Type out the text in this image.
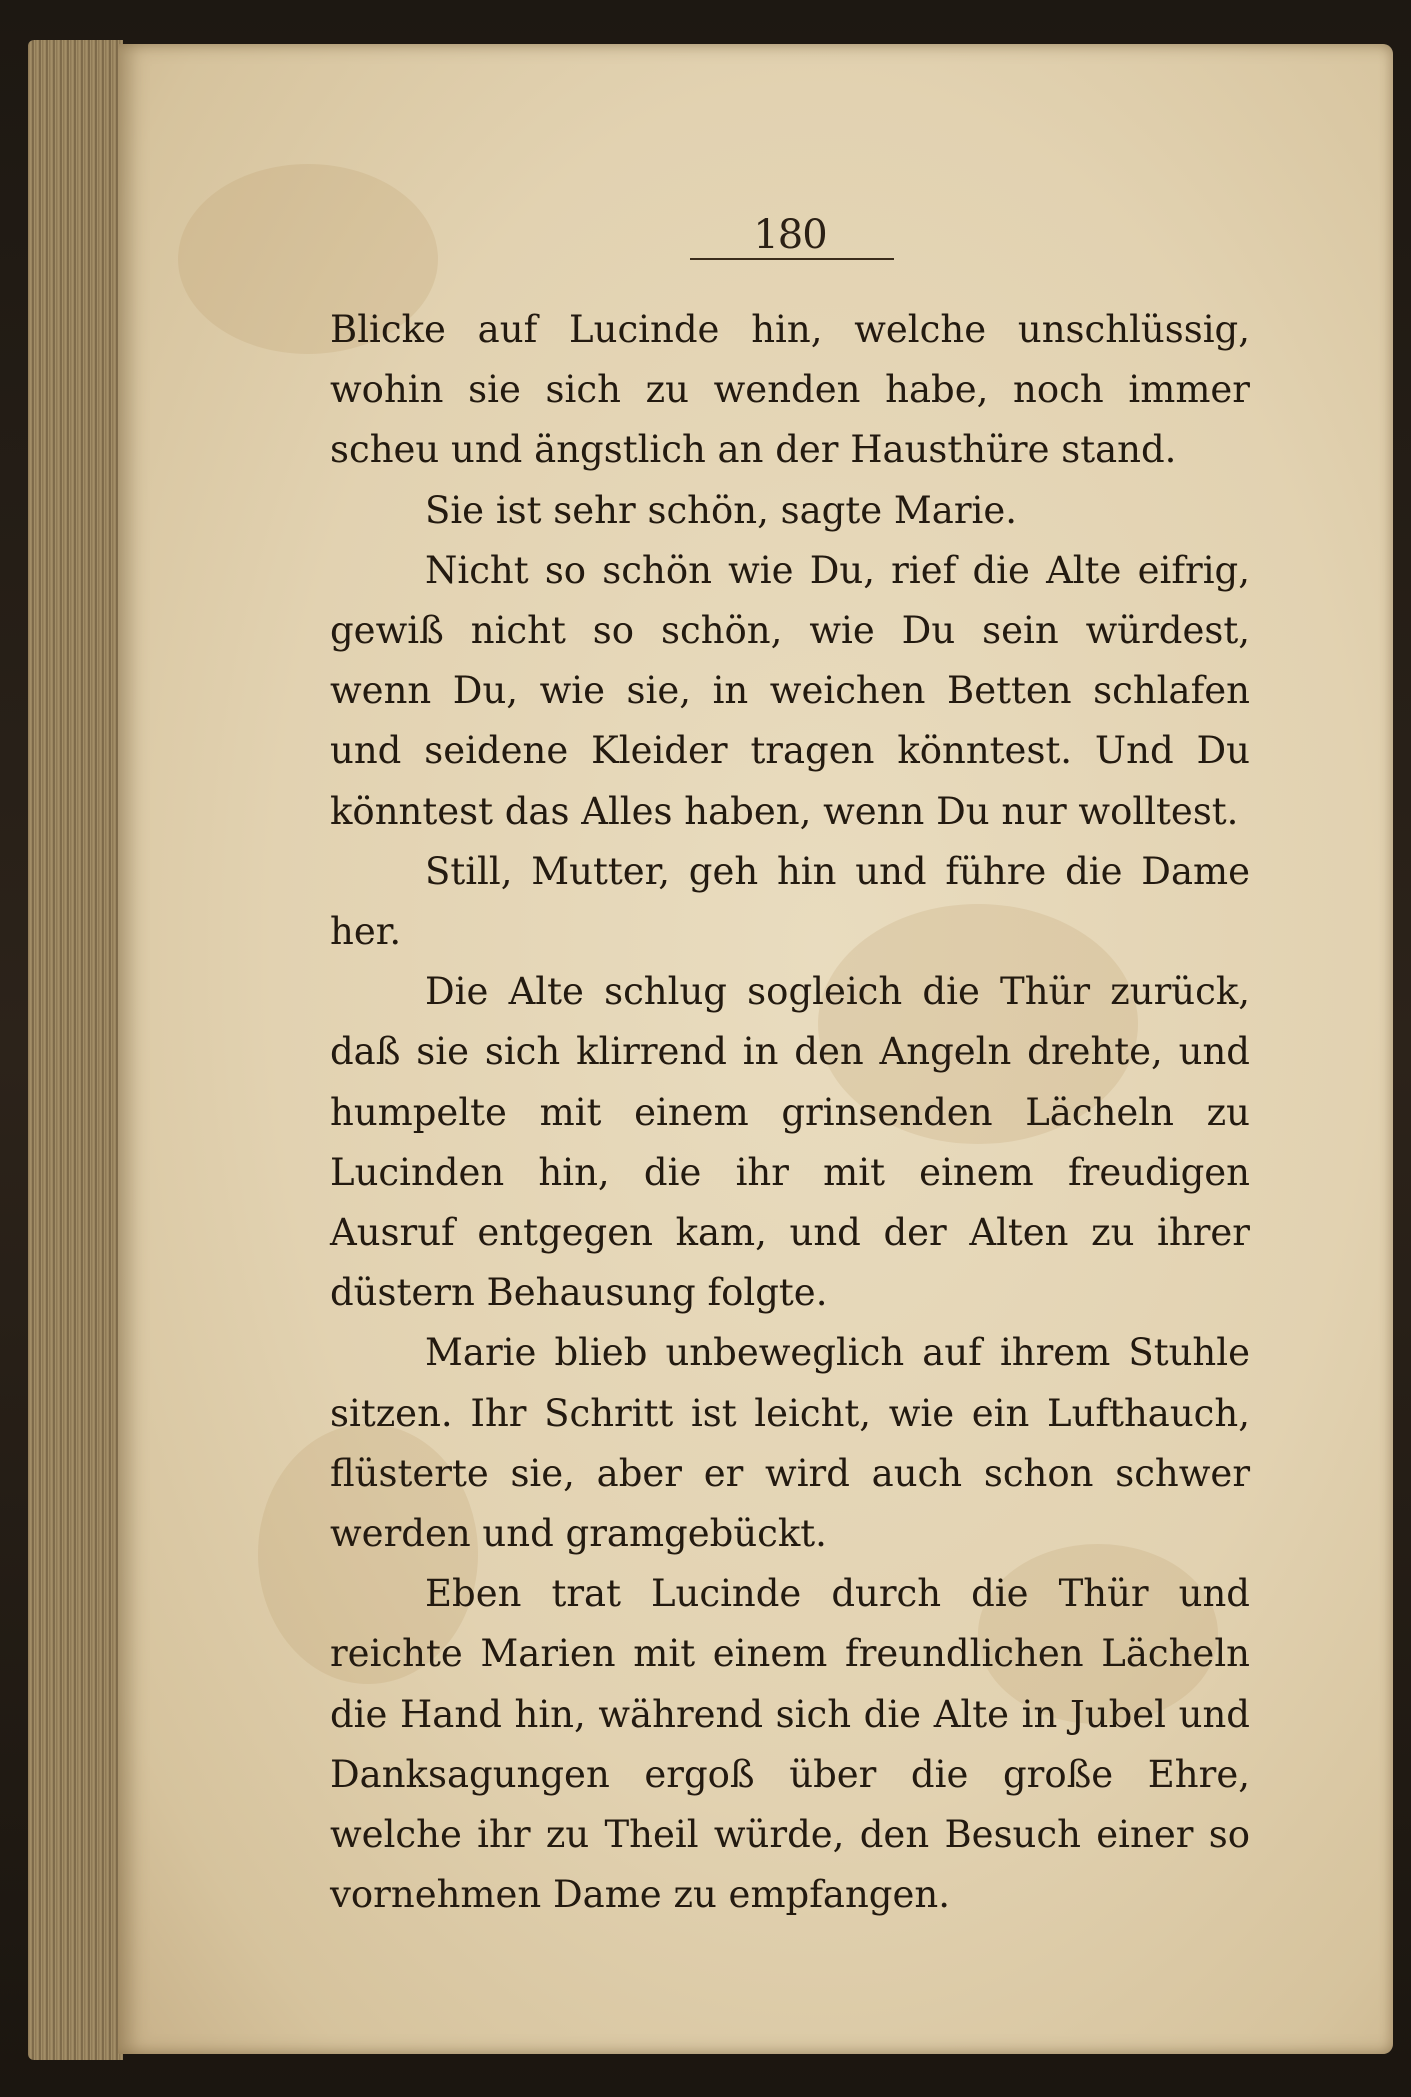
180

Blicke auf Lucinde hin, welche unschlüssig, wohin sie sich zu wenden habe, noch immer scheu und ängstlich an der Hausthüre stand.

Sie ist sehr schön, sagte Marie.

Nicht so schön wie Du, rief die Alte eifrig, gewiß nicht so schön, wie Du sein würdest, wenn Du, wie sie, in weichen Betten schlafen und seidene Kleider tragen könntest. Und Du könntest das Alles haben, wenn Du nur wolltest.

Still, Mutter, geh hin und führe die Dame her.

Die Alte schlug sogleich die Thür zurück, daß sie sich klirrend in den Angeln drehte, und humpelte mit einem grinsenden Lächeln zu Lucinden hin, die ihr mit einem freudigen Ausruf entgegen kam, und der Alten zu ihrer düstern Behausung folgte.

Marie blieb unbeweglich auf ihrem Stuhle sitzen. Ihr Schritt ist leicht, wie ein Lufthauch, flüsterte sie, aber er wird auch schon schwer werden und gramgebückt.

Eben trat Lucinde durch die Thür und reichte Marien mit einem freundlichen Lächeln die Hand hin, während sich die Alte in Jubel und Danksagungen ergoß über die große Ehre, welche ihr zu Theil würde, den Besuch einer so vornehmen Dame zu empfangen.
